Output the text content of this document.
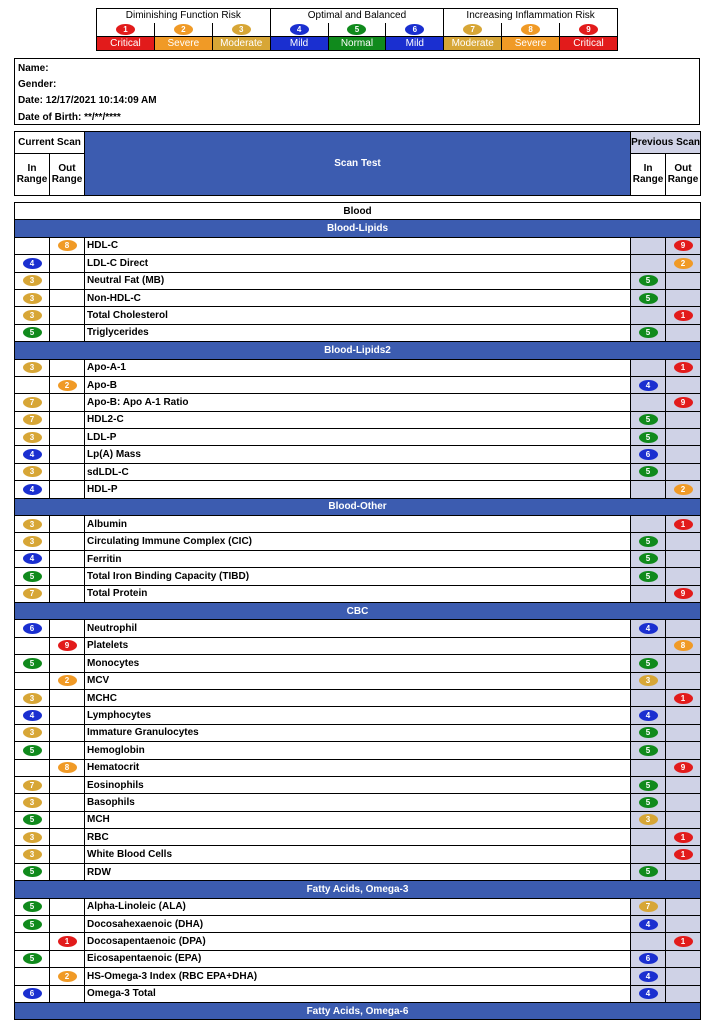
Diminishing Function Risk			Optimal and Balanced			Increasing Inflammation Risk		
1	2	3	4	5	6	7	8	9
Critical	Severe	Moderate	Mild	Normal	Mild	Moderate	Severe	Critical
Name:
Gender:
Date: 12/17/2021 10:14:09 AM
Date of Birth: **/**/****
Current Scan		Scan Test	Previous Scan	
In Range	Out Range		In Range	Out Range
Blood				
Blood-Lipids				
	8	HDL-C		9
4		LDL-C Direct		2
3		Neutral Fat (MB)	5	
3		Non-HDL-C	5	
3		Total Cholesterol		1
5		Triglycerides	5	
Blood-Lipids2				
3		Apo-A-1		1
	2	Apo-B	4	
7		Apo-B: Apo A-1 Ratio		9
7		HDL2-C	5	
3		LDL-P	5	
4		Lp(A) Mass	6	
3		sdLDL-C	5	
4		HDL-P		2
Blood-Other				
3		Albumin		1
3		Circulating Immune Complex (CIC)	5	
4		Ferritin	5	
5		Total Iron Binding Capacity (TIBD)	5	
7		Total Protein		9
CBC				
6		Neutrophil	4	
	9	Platelets		8
5		Monocytes	5	
	2	MCV	3	
3		MCHC		1
4		Lymphocytes	4	
3		Immature Granulocytes	5	
5		Hemoglobin	5	
	8	Hematocrit		9
7		Eosinophils	5	
3		Basophils	5	
5		MCH	3	
3		RBC		1
3		White Blood Cells		1
5		RDW	5	
Fatty Acids, Omega-3				
5		Alpha-Linoleic (ALA)	7	
5		Docosahexaenoic (DHA)	4	
	1	Docosapentaenoic (DPA)		1
5		Eicosapentaenoic (EPA)	6	
	2	HS-Omega-3 Index (RBC EPA+DHA)	4	
6		Omega-3 Total	4	
Fatty Acids, Omega-6				
